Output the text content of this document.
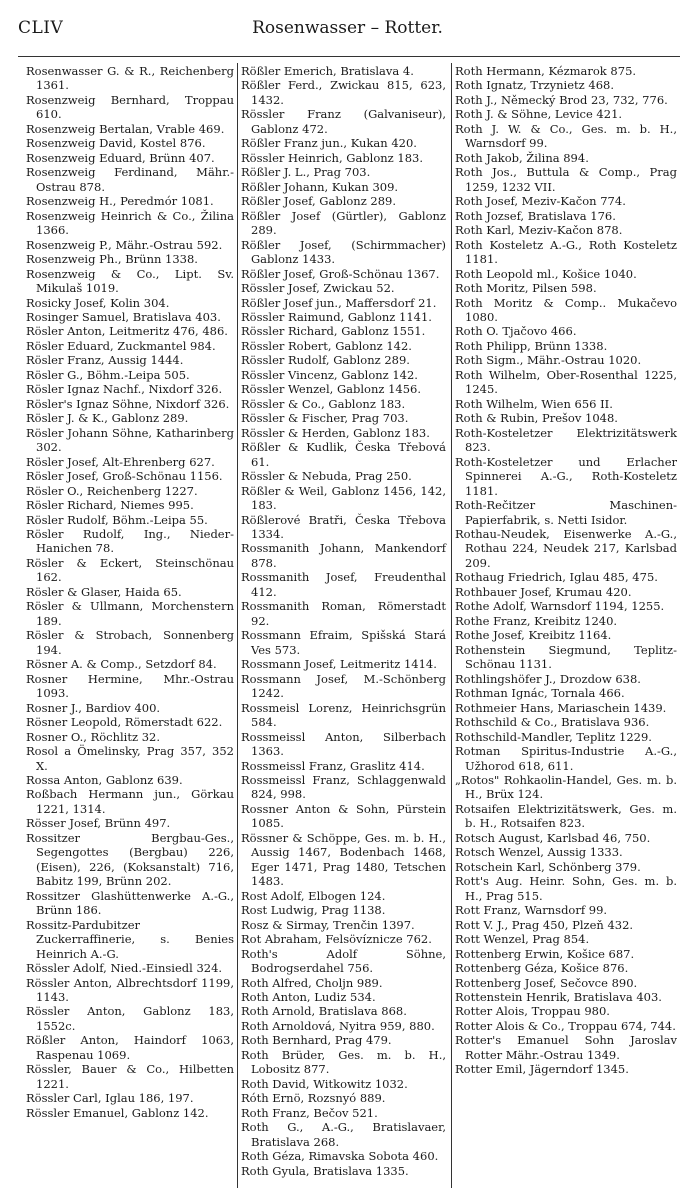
CLIV	Rosenwasser – Rotter.
Rosenwasser G. & R., Reichenberg 1361.
Rosenzweig Bernhard, Troppau 610.
Rosenzweig Bertalan, Vrable 469.
Rosenzweig David, Kostel 876.
Rosenzweig Eduard, Brünn 407.
Rosenzweig Ferdinand, Mähr.-Ostrau 878.
Rosenzweig H., Peredmór 1081.
Rosenzweig Heinrich & Co., Žilina 1366.
Rosenzweig P., Mähr.-Ostrau 592.
Rosenzweig Ph., Brünn 1338.
Rosenzweig & Co., Lipt. Sv. Mikulaš 1019.
Rosicky Josef, Kolin 304.
Rosinger Samuel, Bratislava 403.
Rösler Anton, Leitmeritz 476, 486.
Rösler Eduard, Zuckmantel 984.
Rösler Franz, Aussig 1444.
Rösler G., Böhm.-Leipa 505.
Rösler Ignaz Nachf., Nixdorf 326.
Rösler's Ignaz Söhne, Nixdorf 326.
Rösler J. & K., Gablonz 289.
Rösler Johann Söhne, Katharinberg 302.
Rösler Josef, Alt-Ehrenberg 627.
Rösler Josef, Groß-Schönau 1156.
Rösler O., Reichenberg 1227.
Rösler Richard, Niemes 995.
Rösler Rudolf, Böhm.-Leipa 55.
Rösler Rudolf, Ing., Nieder-Hanichen 78.
Rösler & Eckert, Steinschönau 162.
Rösler & Glaser, Haida 65.
Rösler & Ullmann, Morchenstern 189.
Rösler & Strobach, Sonnenberg 194.
Rösner A. & Comp., Setzdorf 84.
Rosner Hermine, Mhr.-Ostrau 1093.
Rosner J., Bardiov 400.
Rösner Leopold, Römerstadt 622.
Rosner O., Röchlitz 32.
Rosol a Ömelinsky, Prag 357, 352 X.
Rossa Anton, Gablonz 639.
Roßbach Hermann jun., Görkau 1221, 1314.
Rösser Josef, Brünn 497.
Rossitzer Bergbau-Ges., Segengottes (Bergbau) 226, (Eisen), 226, (Koksanstalt) 716, Babitz 199, Brünn 202.
Rossitzer Glashüttenwerke A.-G., Brünn 186.
Rossitz-Pardubitzer Zuckerraffinerie, s. Benies Heinrich A.-G.
Rössler Adolf, Nied.-Einsiedl 324.
Rössler Anton, Albrechtsdorf 1199, 1143.
Rössler Anton, Gablonz 183, 1552c.
Rößler Anton, Haindorf 1063, Raspenau 1069.
Rössler, Bauer & Co., Hilbetten 1221.
Rössler Carl, Iglau 186, 197.
Rössler Emanuel, Gablonz 142.
Rößler Emerich, Bratislava 4.
Rößler Ferd., Zwickau 815, 623, 1432.
Rössler Franz (Galvaniseur), Gablonz 472.
Rößler Franz jun., Kukan 420.
Rössler Heinrich, Gablonz 183.
Rößler J. L., Prag 703.
Rößler Johann, Kukan 309.
Rößler Josef, Gablonz 289.
Rößler Josef (Gürtler), Gablonz 289.
Rößler Josef, (Schirmmacher) Gablonz 1433.
Rößler Josef, Groß-Schönau 1367.
Rössler Josef, Zwickau 52.
Rößler Josef jun., Maffersdorf 21.
Rössler Raimund, Gablonz 1141.
Rössler Richard, Gablonz 1551.
Rössler Robert, Gablonz 142.
Rössler Rudolf, Gablonz 289.
Rössler Vincenz, Gablonz 142.
Rössler Wenzel, Gablonz 1456.
Rössler & Co., Gablonz 183.
Rössler & Fischer, Prag 703.
Rössler & Herden, Gablonz 183.
Rößler & Kudlik, Česka Třebová 61.
Rössler & Nebuda, Prag 250.
Rößler & Weil, Gablonz 1456, 142, 183.
Rößlerové Bratři, Česka Třebova 1334.
Rossmanith Johann, Mankendorf 878.
Rossmanith Josef, Freudenthal 412.
Rossmanith Roman, Römerstadt 92.
Rossmann Efraim, Spišská Stará Ves 573.
Rossmann Josef, Leitmeritz 1414.
Rossmann Josef, M.-Schönberg 1242.
Rossmeisl Lorenz, Heinrichsgrün 584.
Rossmeissl Anton, Silberbach 1363.
Rossmeissl Franz, Graslitz 414.
Rossmeissl Franz, Schlaggenwald 824, 998.
Rossner Anton & Sohn, Pürstein 1085.
Rössner & Schöppe, Ges. m. b. H., Aussig 1467, Bodenbach 1468, Eger 1471, Prag 1480, Tetschen 1483.
Rost Adolf, Elbogen 124.
Rost Ludwig, Prag 1138.
Rosz & Sirmay, Trenčin 1397.
Rot Abraham, Felsövíznicze 762.
Roth's Adolf Söhne, Bodrogserdahel 756.
Roth Alfred, Choljn 989.
Roth Anton, Ludiz 534.
Roth Arnold, Bratislava 868.
Roth Arnoldová, Nyitra 959, 880.
Roth Bernhard, Prag 479.
Roth Brüder, Ges. m. b. H., Lobositz 877.
Roth David, Witkowitz 1032.
Róth Ernö, Rozsnyó 889.
Roth Franz, Bečov 521.
Roth G., A.-G., Bratislavaer, Bratislava 268.
Roth Géza, Rimavska Sobota 460.
Roth Gyula, Bratislava 1335.
Roth Hermann, Kézmarok 875.
Roth Ignatz, Trzynietz 468.
Roth J., Německý Brod 23, 732, 776.
Roth J. & Söhne, Levice 421.
Roth J. W. & Co., Ges. m. b. H., Warnsdorf 99.
Roth Jakob, Žilina 894.
Roth Jos., Buttula & Comp., Prag 1259, 1232 VII.
Roth Josef, Meziv-Kačon 774.
Roth Jozsef, Bratislava 176.
Roth Karl, Meziv-Kačon 878.
Roth Kosteletz A.-G., Roth Kosteletz 1181.
Roth Leopold ml., Košice 1040.
Roth Moritz, Pilsen 598.
Roth Moritz & Comp.. Mukačevo 1080.
Roth O. Tjačovo 466.
Roth Philipp, Brünn 1338.
Roth Sigm., Mähr.-Ostrau 1020.
Roth Wilhelm, Ober-Rosenthal 1225, 1245.
Roth Wilhelm, Wien 656 II.
Roth & Rubin, Prešov 1048.
Roth-Kosteletzer Elektrizitätswerk 823.
Roth-Kosteletzer und Erlacher Spinnerei A.-G., Roth-Kosteletz 1181.
Roth-Rečitzer Maschinen-Papierfabrik, s. Netti Isidor.
Rothau-Neudek, Eisenwerke A.-G., Rothau 224, Neudek 217, Karlsbad 209.
Rothaug Friedrich, Iglau 485, 475.
Rothbauer Josef, Krumau 420.
Rothe Adolf, Warnsdorf 1194, 1255.
Rothe Franz, Kreibitz 1240.
Rothe Josef, Kreibitz 1164.
Rothenstein Siegmund, Teplitz-Schönau 1131.
Rothlingshöfer J., Drozdow 638.
Rothman Ignác, Tornala 466.
Rothmeier Hans, Mariaschein 1439.
Rothschild & Co., Bratislava 936.
Rothschild-Mandler, Teplitz 1229.
Rotman Spiritus-Industrie A.-G., Užhorod 618, 611.
„Rotos" Rohkaolin-Handel, Ges. m. b. H., Brüx 124.
Rotsaifen Elektrizitätswerk, Ges. m. b. H., Rotsaifen 823.
Rotsch August, Karlsbad 46, 750.
Rotsch Wenzel, Aussig 1333.
Rotschein Karl, Schönberg 379.
Rott's Aug. Heinr. Sohn, Ges. m. b. H., Prag 515.
Rott Franz, Warnsdorf 99.
Rott V. J., Prag 450, Plzeň 432.
Rott Wenzel, Prag 854.
Rottenberg Erwin, Košice 687.
Rottenberg Géza, Košice 876.
Rottenberg Josef, Sečovce 890.
Rottenstein Henrik, Bratislava 403.
Rotter Alois, Troppau 980.
Rotter Alois & Co., Troppau 674, 744.
Rotter's Emanuel Sohn Jaroslav Rotter Mähr.-Ostrau 1349.
Rotter Emil, Jägerndorf 1345.
